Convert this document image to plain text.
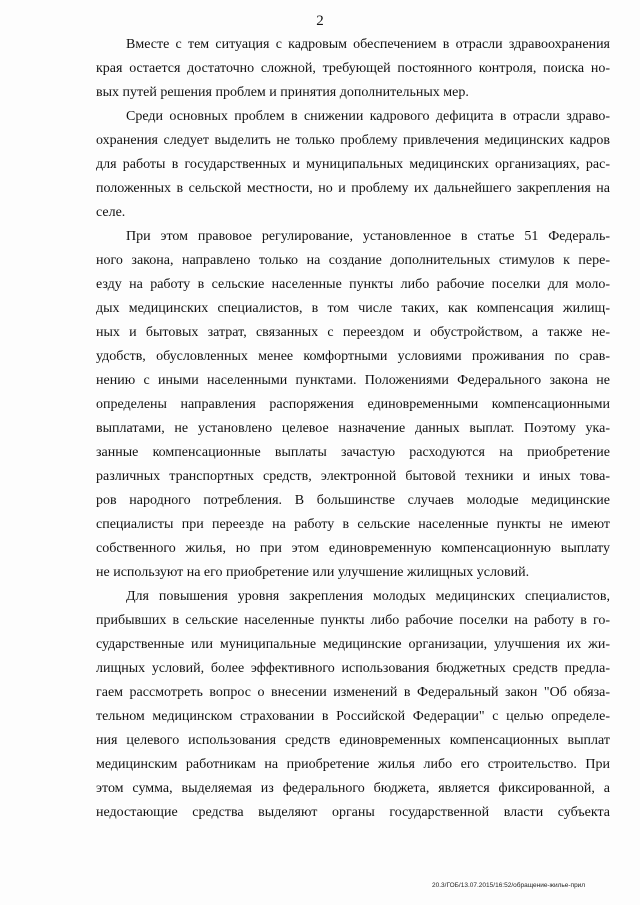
2

Вместе с тем ситуация с кадровым обеспечением в отрасли здравоохранения
края остается достаточно сложной, требующей постоянного контроля, поиска но-
вых путей решения проблем и принятия дополнительных мер.

Среди основных проблем в снижении кадрового дефицита в отрасли здраво-
охранения следует выделить не только проблему привлечения медицинских кадров
для работы в государственных и муниципальных медицинских организациях, рас-
положенных в сельской местности, но и проблему их дальнейшего закрепления на
селе.

При этом правовое регулирование, установленное в статье 51 Федераль-
ного закона, направлено только на создание дополнительных стимулов к пере-
езду на работу в сельские населенные пункты либо рабочие поселки для моло-
дых медицинских специалистов, в том числе таких, как компенсация жилищ-
ных и бытовых затрат, связанных с переездом и обустройством, а также не-
удобств, обусловленных менее комфортными условиями проживания по срав-
нению с иными населенными пунктами. Положениями Федерального закона не
определены направления распоряжения единовременными компенсационными
выплатами, не установлено целевое назначение данных выплат. Поэтому ука-
занные компенсационные выплаты зачастую расходуются на приобретение
различных транспортных средств, электронной бытовой техники и иных това-
ров народного потребления. В большинстве случаев молодые медицинские
специалисты при переезде на работу в сельские населенные пункты не имеют
собственного жилья, но при этом единовременную компенсационную выплату
не используют на его приобретение или улучшение жилищных условий.

Для повышения уровня закрепления молодых медицинских специалистов,
прибывших в сельские населенные пункты либо рабочие поселки на работу в го-
сударственные или муниципальные медицинские организации, улучшения их жи-
лищных условий, более эффективного использования бюджетных средств предла-
гаем рассмотреть вопрос о внесении изменений в Федеральный закон "Об обяза-
тельном медицинском страховании в Российской Федерации" с целью определе-
ния целевого использования средств единовременных компенсационных выплат
медицинским работникам на приобретение жилья либо его строительство. При
этом сумма, выделяемая из федерального бюджета, является фиксированной, а
недостающие средства выделяют органы государственной власти субъекта

20.3/ГОБ/13.07.2015/16:52/обращение-жилье-прил
